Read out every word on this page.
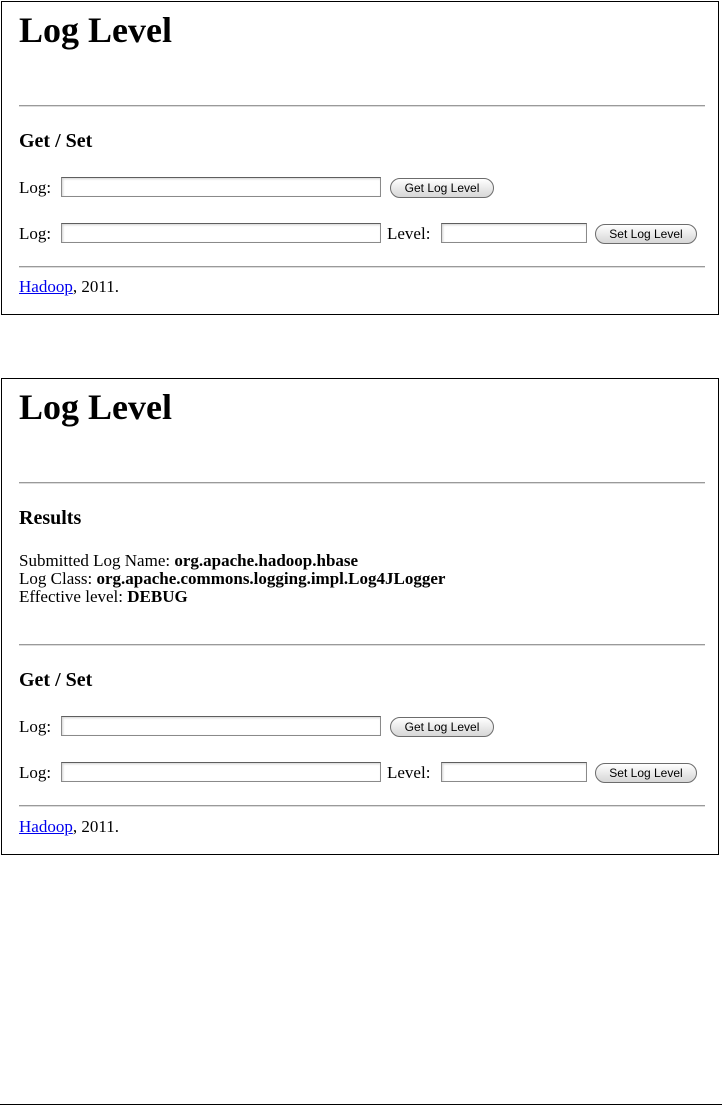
Log Level
Get / Set
Log:	Get Log Level
Log:	Level:	Set Log Level
Hadoop, 2011.
Log Level
Results
Submitted Log Name: org.apache.hadoop.hbase
Log Class: org.apache.commons.logging.impl.Log4JLogger
Effective level: DEBUG
Get / Set
Log:	Get Log Level
Log:	Level:	Set Log Level
Hadoop, 2011.
